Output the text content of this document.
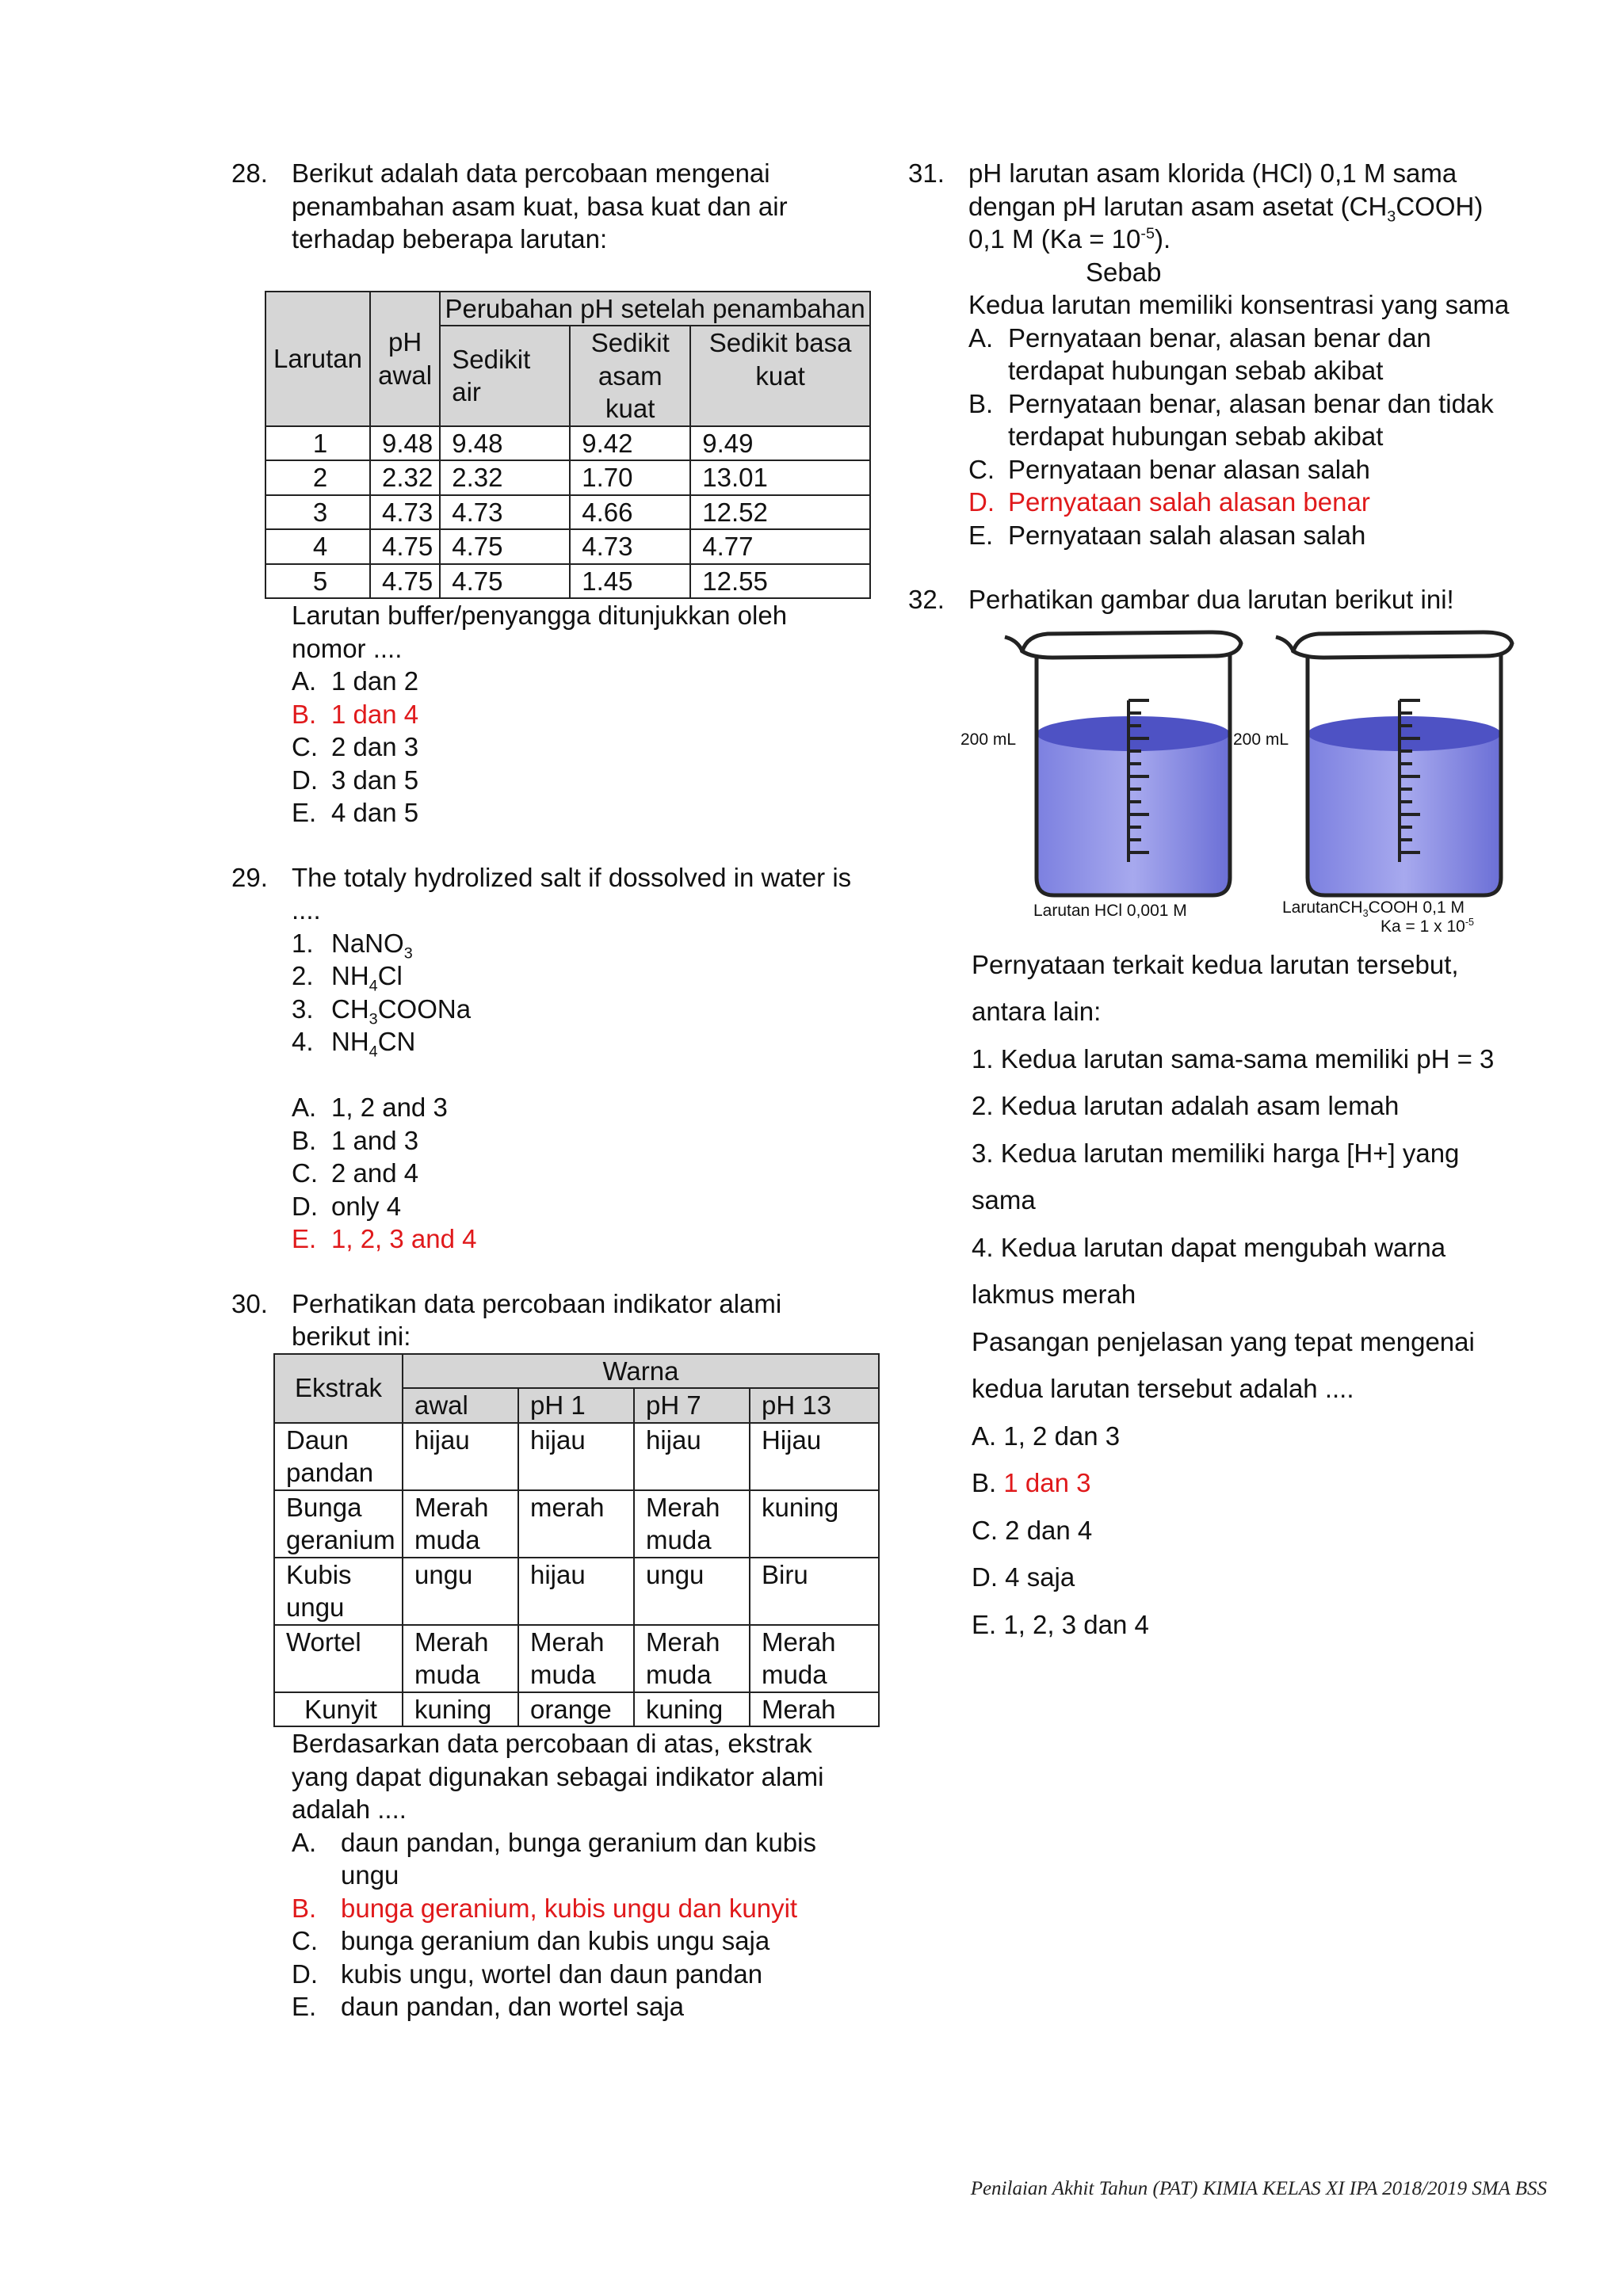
28. Berikut adalah data percobaan mengenai penambahan asam kuat, basa kuat dan air terhadap beberapa larutan:
Larutan	pH awal	Perubahan pH setelah penambahan		
		Sedikit air	Sedikit asam kuat	Sedikit basa kuat
1	9.48	9.48	9.42	9.49
2	2.32	2.32	1.70	13.01
3	4.73	4.73	4.66	12.52
4	4.75	4.75	4.73	4.77
5	4.75	4.75	1.45	12.55
Larutan buffer/penyangga ditunjukkan oleh nomor ....
A. 1 dan 2
B. 1 dan 4
C. 2 dan 3
D. 3 dan 5
E. 4 dan 5
29. The totaly hydrolized salt if dossolved in water is ....
1. NaNO$_3$
2. $NH_4Cl$
3. $CH_3COONa$
4. $NH_4CN$
A. 1, 2 and 3
B. 1 and 3
C. 2 and 4
D. only 4
E. 1, 2, 3 and 4
30. Perhatikan data percobaan indikator alami berikut ini:
Ekstrak	Warna			
	awal	pH 1	pH 7	pH 13
Daun pandan	hijau	hijau	hijau	Hijau
Bunga geranium	Merah muda	merah	Merah muda	kuning
Kubis ungu	ungu	hijau	ungu	Biru
Wortel	Merah muda	Merah muda	Merah muda	Merah muda
Kunyit	kuning	orange	kuning	Merah
Berdasarkan data percobaan di atas, ekstrak yang dapat digunakan sebagai indikator alami adalah ....
A. daun pandan, bunga geranium dan kubis ungu
B. bunga geranium, kubis ungu dan kunyit
C. bunga geranium dan kubis ungu saja
D. kubis ungu, wortel dan daun pandan
E. daun pandan, dan wortel saja
31. pH larutan asam klorida (HCl) 0,1 M sama
dengan pH larutan asam asetat $(CH_3COOH)$
0,1 M $(Ka = 10^{-5})$.
Sebab
Kedua larutan memiliki konsentrasi yang sama
A. Pernyataan benar, alasan benar dan terdapat hubungan sebab akibat
B. Pernyataan benar, alasan benar dan tidak terdapat hubungan sebab akibat
C. Pernyataan benar alasan salah
D. Pernyataan salah alasan benar
E. Pernyataan salah alasan salah
32. Perhatikan gambar dua larutan berikut ini!
200 mL	200 mL
Larutan HCl 0,001 M	LarutanCH$_3$COOH 0,1 M
Ka = 1 x $10^{-5}$
Pernyataan terkait kedua larutan tersebut, antara lain:
1. Kedua larutan sama-sama memiliki pH = 3
2. Kedua larutan adalah asam lemah
3. Kedua larutan memiliki harga [H+] yang sama
4. Kedua larutan dapat mengubah warna lakmus merah
Pasangan penjelasan yang tepat mengenai kedua larutan tersebut adalah ....
A. 1, 2 dan 3
B. 1 dan 3
C. 2 dan 4
D. 4 saja
E. 1, 2, 3 dan 4
Penilaian Akhit Tahun (PAT) KIMIA KELAS XI IPA 2018/2019 SMA BSS
